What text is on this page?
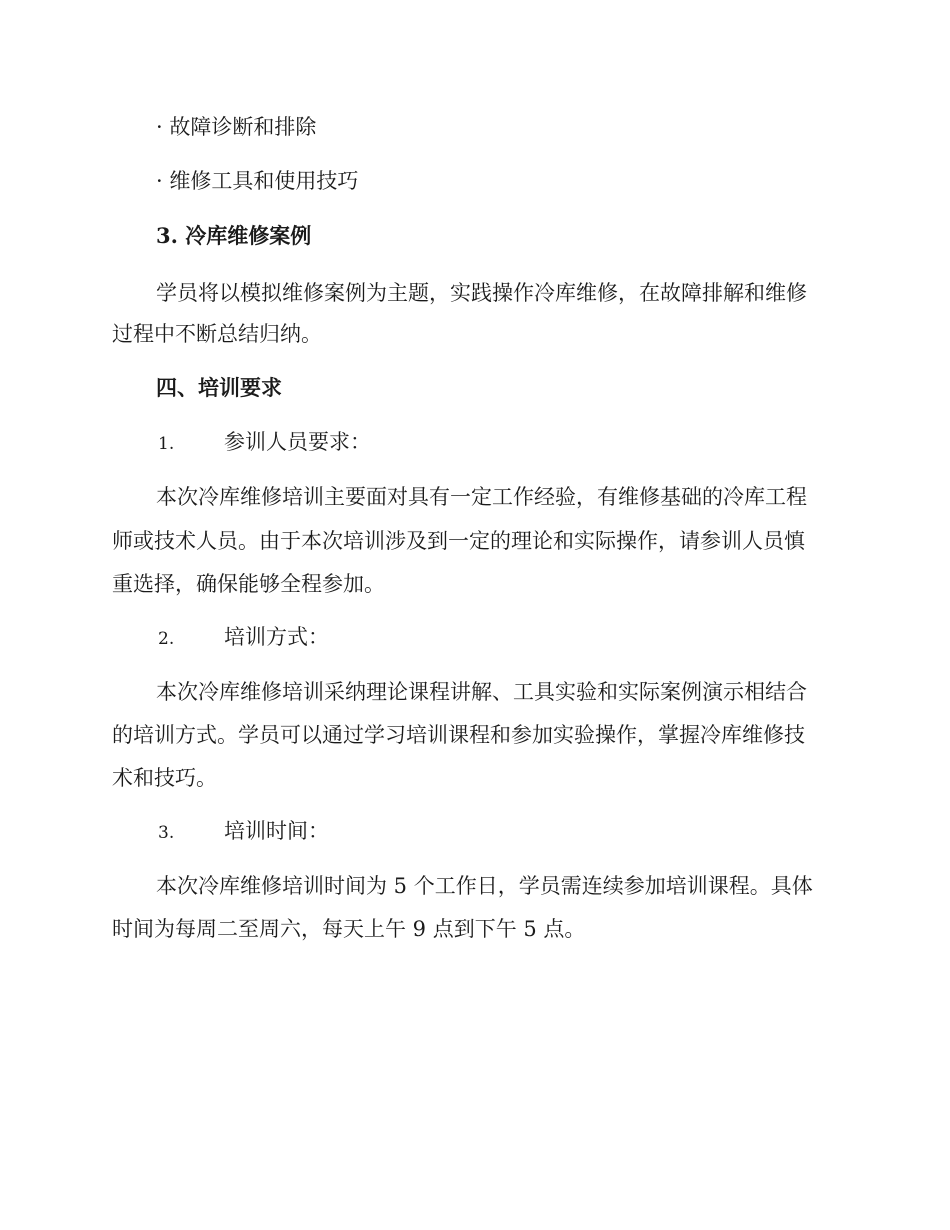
· 故障诊断和排除
· 维修工具和使用技巧
3. 冷库维修案例
学员将以模拟维修案例为主题，实践操作冷库维修，在故障排解和维修
过程中不断总结归纳。
四、培训要求
1. 参训人员要求：
本次冷库维修培训主要面对具有一定工作经验，有维修基础的冷库工程
师或技术人员。由于本次培训涉及到一定的理论和实际操作，请参训人员慎
重选择，确保能够全程参加。
2. 培训方式：
本次冷库维修培训采纳理论课程讲解、工具实验和实际案例演示相结合
的培训方式。学员可以通过学习培训课程和参加实验操作，掌握冷库维修技
术和技巧。
3. 培训时间：
本次冷库维修培训时间为 5 个工作日，学员需连续参加培训课程。具体
时间为每周二至周六，每天上午 9 点到下午 5 点。
